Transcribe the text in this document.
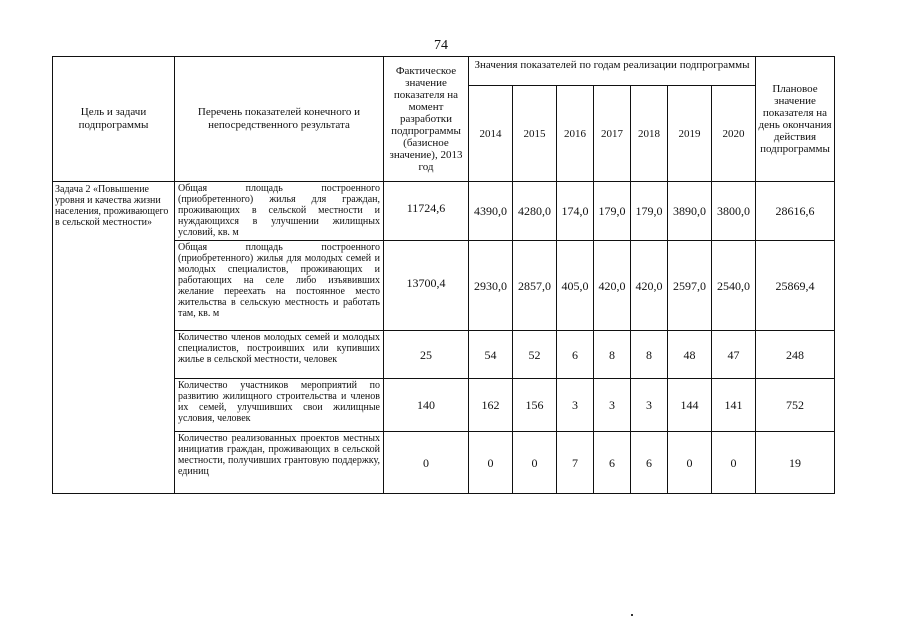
74
Цель и задачи подпрограммы	Перечень показателей конечного и непосредственного результата	Фактическое значение показателя на момент разработки подпрограммы (базисное значение), 2013 год	Значения показателей по годам реализации подпрограммы							Плановое значение показателя на день окончания действия подпрограммы
			2014	2015	2016	2017	2018	2019	2020	
Задача 2 «Повышение уровня и качества жизни населения, проживающего в сельской местности»	Общая площадь построенного (приобретенного) жилья для граждан, проживающих в сельской местности и нуждающихся в улучшении жилищных условий, кв. м	11724,6	4390,0	4280,0	174,0	179,0	179,0	3890,0	3800,0	28616,6
	Общая площадь построенного (приобретенного) жилья для молодых семей и молодых специалистов, проживающих и работающих на селе либо изъявивших желание переехать на постоянное место жительства в сельскую местность и работать там, кв. м	13700,4	2930,0	2857,0	405,0	420,0	420,0	2597,0	2540,0	25869,4
	Количество членов молодых семей и молодых специалистов, построивших или купивших жилье в сельской местности, человек	25	54	52	6	8	8	48	47	248
	Количество участников мероприятий по развитию жилищного строительства и членов их семей, улучшивших свои жилищные условия, человек	140	162	156	3	3	3	144	141	752
	Количество реализованных проектов местных инициатив граждан, проживающих в сельской местности, получивших грантовую поддержку, единиц	0	0	0	7	6	6	0	0	19
